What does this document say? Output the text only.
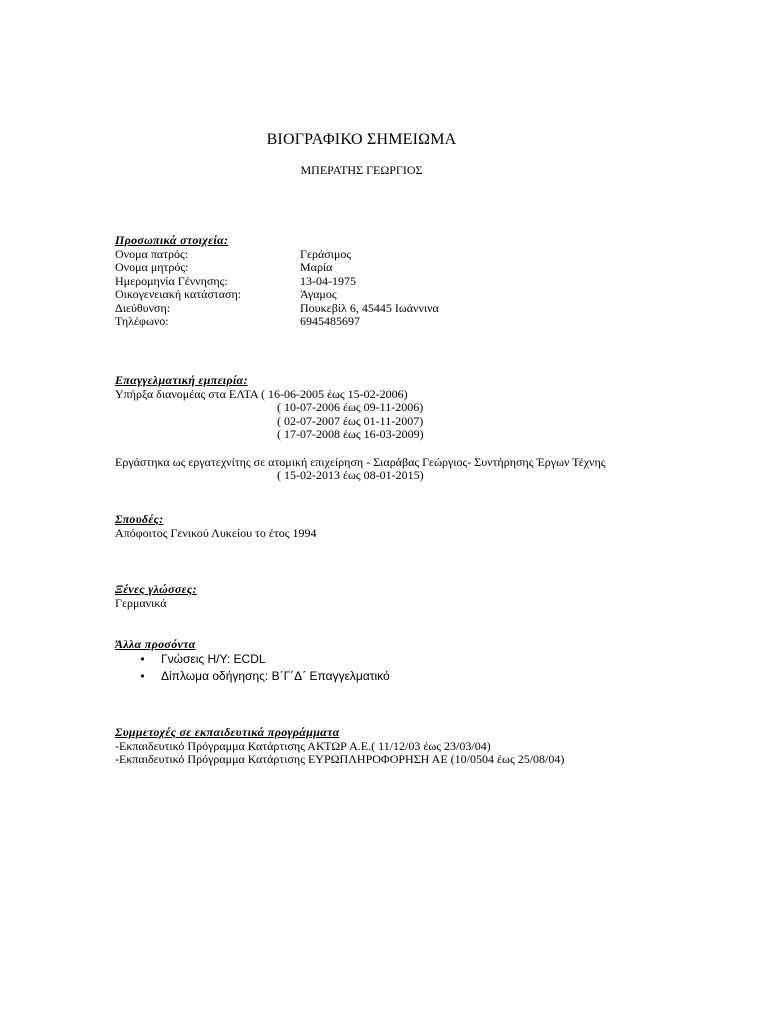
ΒΙΟΓΡΑΦΙΚΟ ΣΗΜΕΙΩΜΑ
ΜΠΕΡΑΤΗΣ ΓΕΩΡΓΙΟΣ
Προσωπικά στοιχεία:
Ονομα πατρός:	Γεράσιμος
Ονομα μητρός:	Μαρία
Ημερομηνία Γέννησης:	13-04-1975
Οικογενειακή κατάσταση:	Άγαμος
Διεύθυνση:	Πουκεβίλ 6, 45445 Ιωάννινα
Τηλέφωνο:	6945485697
Επαγγελματική εμπειρία:
Υπήρξα διανομέας στα ΕΛΤΑ ( 16-06-2005 έως 15-02-2006)
( 10-07-2006 έως 09-11-2006)
( 02-07-2007 έως 01-11-2007)
( 17-07-2008 έως 16-03-2009)
Εργάστηκα ως εργατεχνίτης σε ατομική επιχείρηση - Σιαράβας Γεώργιος- Συντήρησης Έργων Τέχνης
( 15-02-2013 έως 08-01-2015)
Σπουδές:
Απόφοιτος Γενικού Λυκείου το έτος 1994
Ξένες γλώσσες:
Γερμανικά
Άλλα προσόντα
•	Γνώσεις Η/Υ: ECDL
•	Δίπλωμα οδήγησης: Β΄Γ΄Δ΄ Επαγγελματικό
Συμμετοχές σε εκπαιδευτικά προγράμματα
-Εκπαιδευτικό Πρόγραμμα Κατάρτισης ΑΚΤΩΡ Α.Ε.( 11/12/03 έως 23/03/04)
-Εκπαιδευτικό Πρόγραμμα Κατάρτισης ΕΥΡΩΠΛΗΡΟΦΟΡΗΣΗ ΑΕ (10/0504 έως 25/08/04)
